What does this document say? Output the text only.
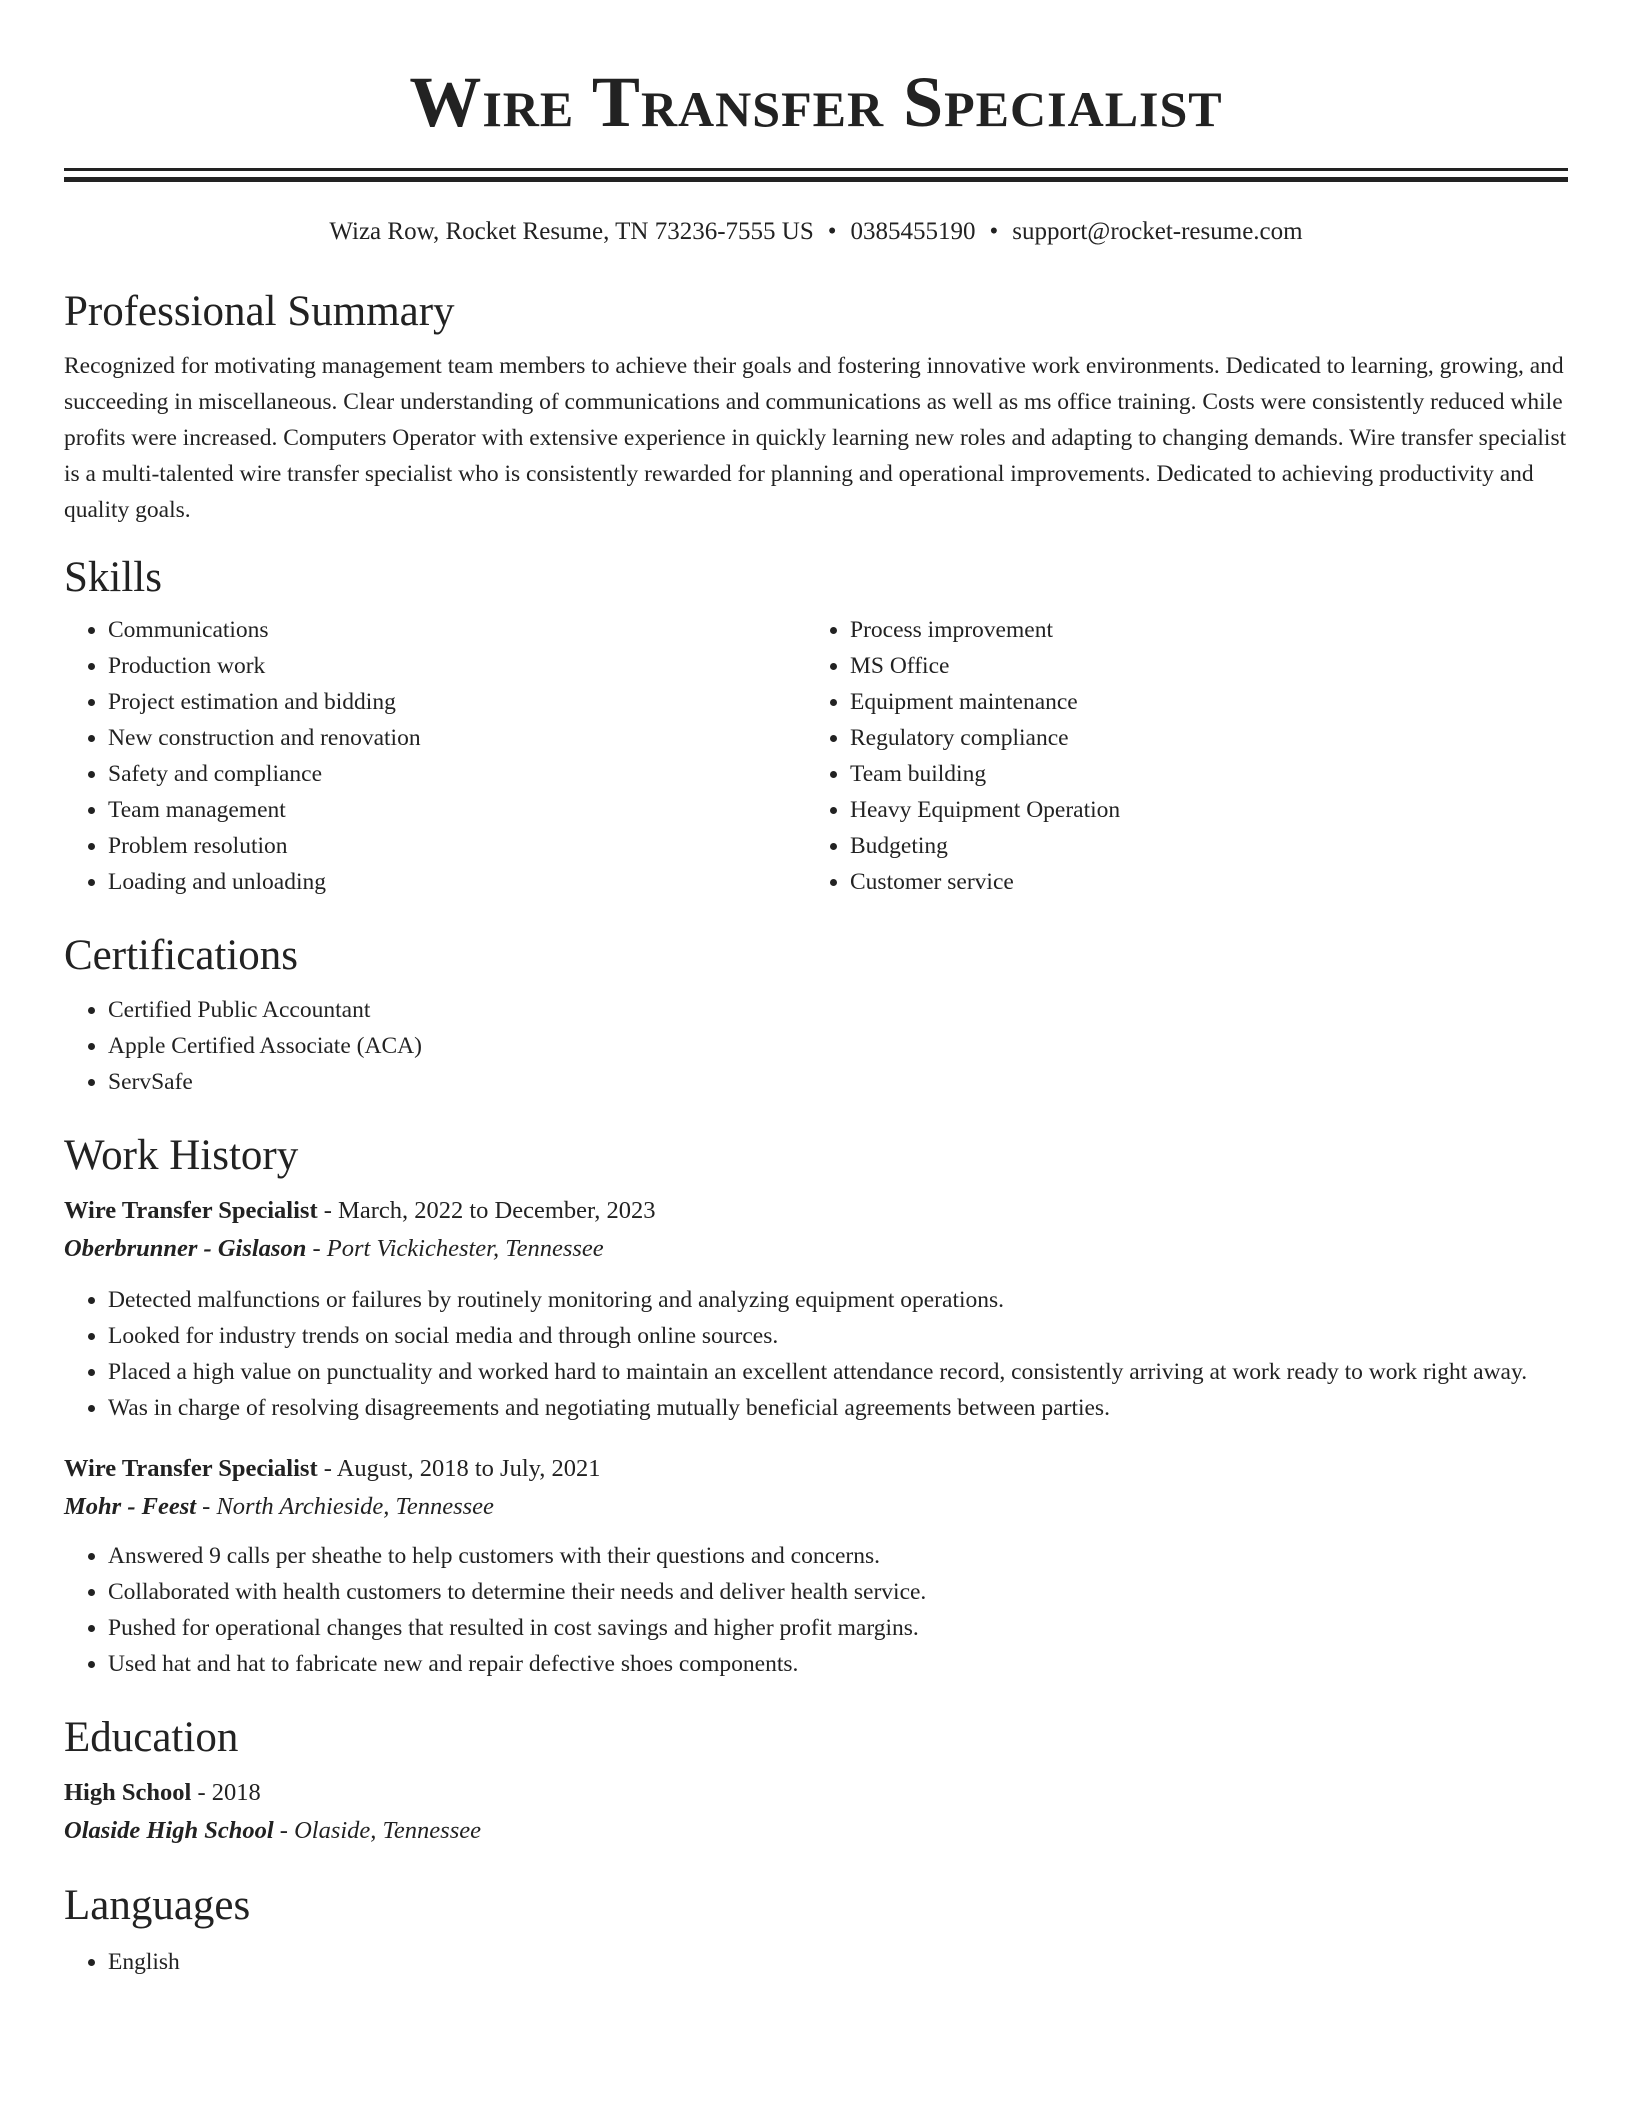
Wire Transfer Specialist
Wiza Row, Rocket Resume, TN 73236-7555 US • 0385455190 • support@rocket-resume.com
Professional Summary

Recognized for motivating management team members to achieve their goals and fostering innovative work environments. Dedicated to learning, growing, and succeeding in miscellaneous. Clear understanding of communications and communications as well as ms office training. Costs were consistently reduced while profits were increased. Computers Operator with extensive experience in quickly learning new roles and adapting to changing demands. Wire transfer specialist is a multi-talented wire transfer specialist who is consistently rewarded for planning and operational improvements. Dedicated to achieving productivity and quality goals.

Skills
• Communications
• Production work
• Project estimation and bidding
• New construction and renovation
• Safety and compliance
• Team management
• Problem resolution
• Loading and unloading
• Process improvement
• MS Office
• Equipment maintenance
• Regulatory compliance
• Team building
• Heavy Equipment Operation
• Budgeting
• Customer service
Certifications
• Certified Public Accountant
• Apple Certified Associate (ACA)
• ServSafe
Work History
Wire Transfer Specialist - March, 2022 to December, 2023
Oberbrunner - Gislason - Port Vickichester, Tennessee
• Detected malfunctions or failures by routinely monitoring and analyzing equipment operations.
• Looked for industry trends on social media and through online sources.
• Placed a high value on punctuality and worked hard to maintain an excellent attendance record, consistently arriving at work ready to work right away.
• Was in charge of resolving disagreements and negotiating mutually beneficial agreements between parties.
Wire Transfer Specialist - August, 2018 to July, 2021
Mohr - Feest - North Archieside, Tennessee
• Answered 9 calls per sheathe to help customers with their questions and concerns.
• Collaborated with health customers to determine their needs and deliver health service.
• Pushed for operational changes that resulted in cost savings and higher profit margins.
• Used hat and hat to fabricate new and repair defective shoes components.
Education
High School - 2018
Olaside High School - Olaside, Tennessee
Languages
• English
